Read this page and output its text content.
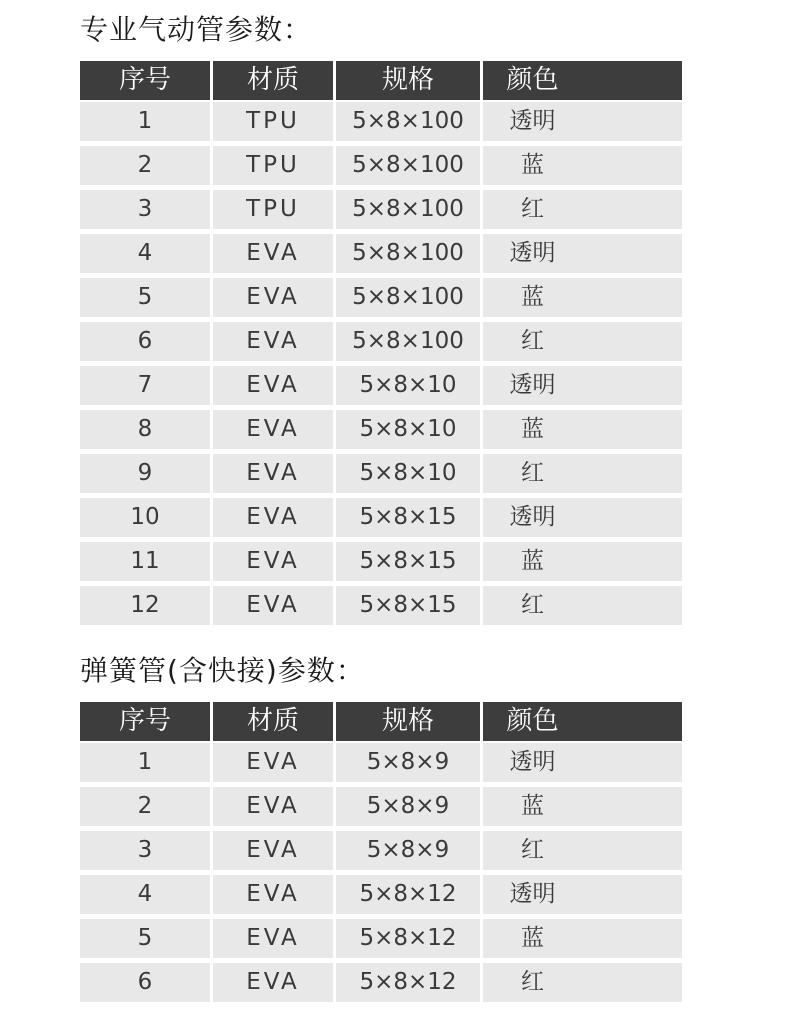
专业气动管参数：
序号	材质	规格	颜色
1	TPU	5×8×100	透明
2	TPU	5×8×100	蓝
3	TPU	5×8×100	红
4	EVA	5×8×100	透明
5	EVA	5×8×100	蓝
6	EVA	5×8×100	红
7	EVA	5×8×10	透明
8	EVA	5×8×10	蓝
9	EVA	5×8×10	红
10	EVA	5×8×15	透明
11	EVA	5×8×15	蓝
12	EVA	5×8×15	红
弹簧管(含快接)参数：
序号	材质	规格	颜色
1	EVA	5×8×9	透明
2	EVA	5×8×9	蓝
3	EVA	5×8×9	红
4	EVA	5×8×12	透明
5	EVA	5×8×12	蓝
6	EVA	5×8×12	红
